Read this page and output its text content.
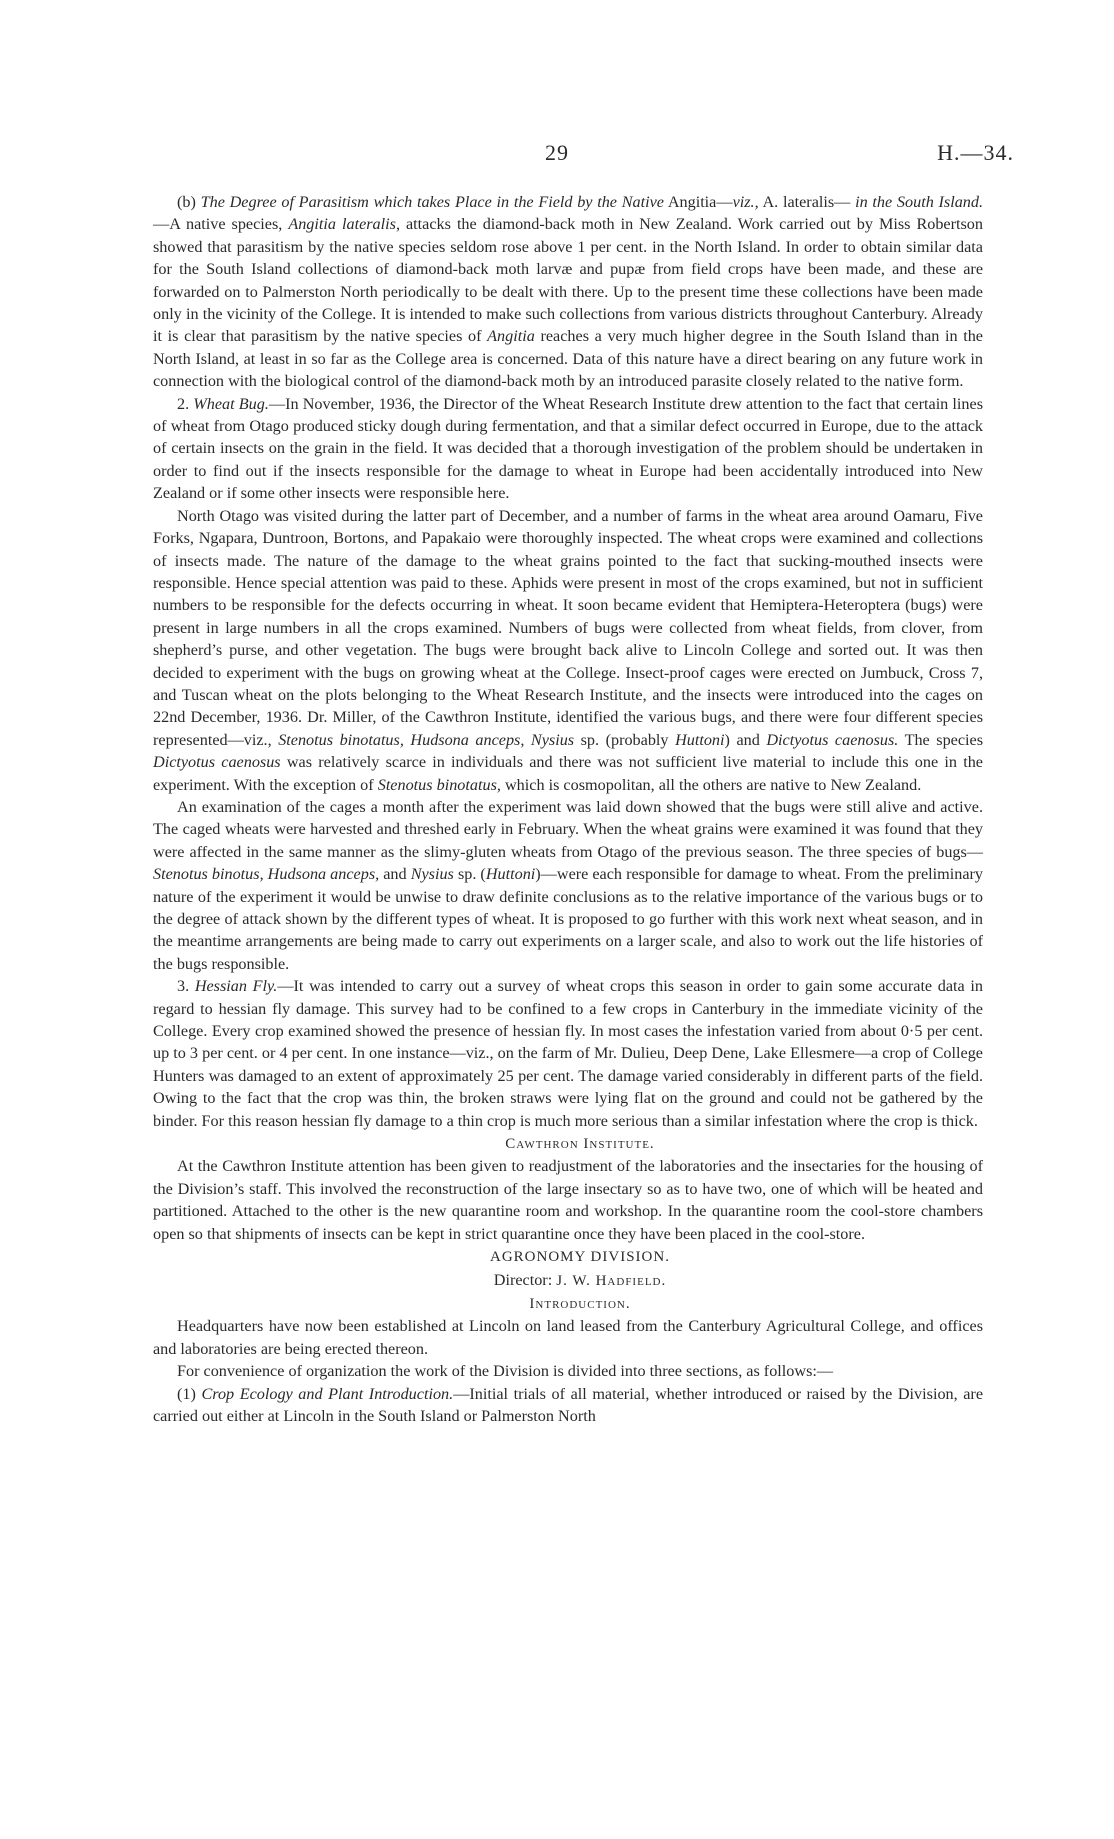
29	H.—34.

(b) The Degree of Parasitism which takes Place in the Field by the Native Angitia—viz., A. lateralis— in the South Island.—A native species, Angitia lateralis, attacks the diamond-back moth in New Zealand. Work carried out by Miss Robertson showed that parasitism by the native species seldom rose above 1 per cent. in the North Island. In order to obtain similar data for the South Island collections of diamond-back moth larvæ and pupæ from field crops have been made, and these are forwarded on to Palmerston North periodically to be dealt with there. Up to the present time these collections have been made only in the vicinity of the College. It is intended to make such collections from various districts throughout Canterbury. Already it is clear that parasitism by the native species of Angitia reaches a very much higher degree in the South Island than in the North Island, at least in so far as the College area is concerned. Data of this nature have a direct bearing on any future work in connection with the biological control of the diamond-back moth by an introduced parasite closely related to the native form.

2. Wheat Bug.—In November, 1936, the Director of the Wheat Research Institute drew attention to the fact that certain lines of wheat from Otago produced sticky dough during fermentation, and that a similar defect occurred in Europe, due to the attack of certain insects on the grain in the field. It was decided that a thorough investigation of the problem should be undertaken in order to find out if the insects responsible for the damage to wheat in Europe had been accidentally introduced into New Zealand or if some other insects were responsible here.

North Otago was visited during the latter part of December, and a number of farms in the wheat area around Oamaru, Five Forks, Ngapara, Duntroon, Bortons, and Papakaio were thoroughly inspected. The wheat crops were examined and collections of insects made. The nature of the damage to the wheat grains pointed to the fact that sucking-mouthed insects were responsible. Hence special attention was paid to these. Aphids were present in most of the crops examined, but not in sufficient numbers to be responsible for the defects occurring in wheat. It soon became evident that Hemiptera-Heteroptera (bugs) were present in large numbers in all the crops examined. Numbers of bugs were collected from wheat fields, from clover, from shepherd’s purse, and other vegetation. The bugs were brought back alive to Lincoln College and sorted out. It was then decided to experiment with the bugs on growing wheat at the College. Insect-proof cages were erected on Jumbuck, Cross 7, and Tuscan wheat on the plots belonging to the Wheat Research Institute, and the insects were introduced into the cages on 22nd December, 1936. Dr. Miller, of the Cawthron Institute, identified the various bugs, and there were four different species represented—viz., Stenotus binotatus, Hudsona anceps, Nysius sp. (probably Huttoni) and Dictyotus caenosus. The species Dictyotus caenosus was relatively scarce in individuals and there was not sufficient live material to include this one in the experiment. With the exception of Stenotus binotatus, which is cosmopolitan, all the others are native to New Zealand.

An examination of the cages a month after the experiment was laid down showed that the bugs were still alive and active. The caged wheats were harvested and threshed early in February. When the wheat grains were examined it was found that they were affected in the same manner as the slimy-gluten wheats from Otago of the previous season. The three species of bugs—Stenotus binotus, Hudsona anceps, and Nysius sp. (Huttoni)—were each responsible for damage to wheat. From the preliminary nature of the experiment it would be unwise to draw definite conclusions as to the relative importance of the various bugs or to the degree of attack shown by the different types of wheat. It is proposed to go further with this work next wheat season, and in the meantime arrangements are being made to carry out experiments on a larger scale, and also to work out the life histories of the bugs responsible.

3. Hessian Fly.—It was intended to carry out a survey of wheat crops this season in order to gain some accurate data in regard to hessian fly damage. This survey had to be confined to a few crops in Canterbury in the immediate vicinity of the College. Every crop examined showed the presence of hessian fly. In most cases the infestation varied from about 0·5 per cent. up to 3 per cent. or 4 per cent. In one instance—viz., on the farm of Mr. Dulieu, Deep Dene, Lake Ellesmere—a crop of College Hunters was damaged to an extent of approximately 25 per cent. The damage varied considerably in different parts of the field. Owing to the fact that the crop was thin, the broken straws were lying flat on the ground and could not be gathered by the binder. For this reason hessian fly damage to a thin crop is much more serious than a similar infestation where the crop is thick.

Cawthron Institute.

At the Cawthron Institute attention has been given to readjustment of the laboratories and the insectaries for the housing of the Division’s staff. This involved the reconstruction of the large insectary so as to have two, one of which will be heated and partitioned. Attached to the other is the new quarantine room and workshop. In the quarantine room the cool-store chambers open so that shipments of insects can be kept in strict quarantine once they have been placed in the cool-store.

AGRONOMY DIVISION.

Director: J. W. Hadfield.

Introduction.

Headquarters have now been established at Lincoln on land leased from the Canterbury Agricultural College, and offices and laboratories are being erected thereon.

For convenience of organization the work of the Division is divided into three sections, as follows:—

(1) Crop Ecology and Plant Introduction.—Initial trials of all material, whether introduced or raised by the Division, are carried out either at Lincoln in the South Island or Palmerston North
